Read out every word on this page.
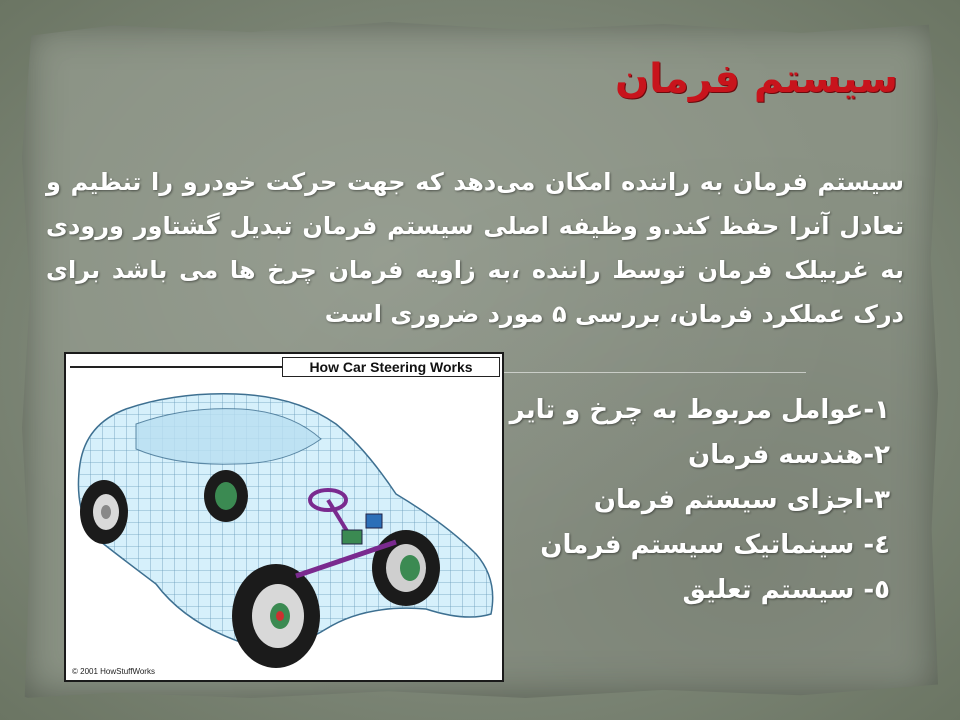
سیستم فرمان
سیستم فرمان به راننده امکان می‌دهد که جهت حرکت خودرو را تنظیم و تعادل آنرا حفظ کند.و وظیفه اصلی سیستم فرمان تبدیل گشتاور ورودی به غربیلک فرمان توسط راننده ،به زاویه فرمان چرخ ها می باشد برای درک عملکرد فرمان، بررسی ۵ مورد ضروری است
۱-عوامل مربوط به چرخ و تایر
۲-هندسه فرمان
۳-اجزای سیستم فرمان
٤- سینماتیک سیستم فرمان
٥- سیستم تعلیق
How Car Steering Works
© 2001 HowStuffWorks
